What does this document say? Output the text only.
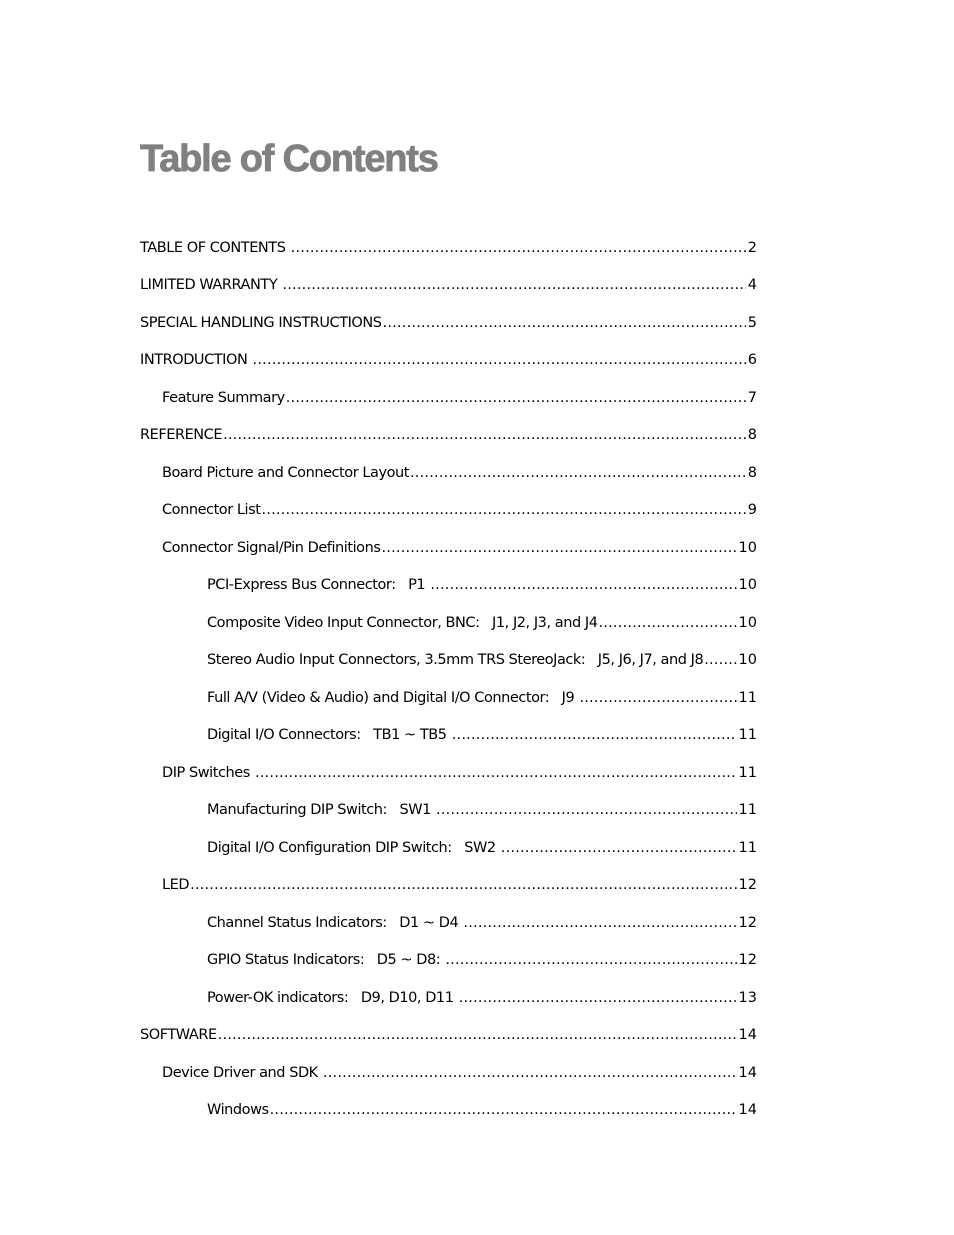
Table of Contents
TABLE OF CONTENTS .....	2
LIMITED WARRANTY .....	4
SPECIAL HANDLING INSTRUCTIONS .....	5
INTRODUCTION .....	6
Feature Summary .....	7
REFERENCE .....	8
Board Picture and Connector Layout .....	8
Connector List .....	9
Connector Signal/Pin Definitions .....	10
PCI-Express Bus Connector:   P1 .....	10
Composite Video Input Connector, BNC:   J1, J2, J3, and J4 .....	10
Stereo Audio Input Connectors, 3.5mm TRS StereoJack:   J5, J6, J7, and J8 ..... 10
Full A/V (Video & Audio) and Digital I/O Connector:   J9 .....	11
Digital I/O Connectors:   TB1 ~ TB5 .....	11
DIP Switches .....	11
Manufacturing DIP Switch:   SW1 .....	11
Digital I/O Configuration DIP Switch:   SW2 .....	11
LED .....	12
Channel Status Indicators:   D1 ~ D4 .....	12
GPIO Status Indicators:   D5 ~ D8: .....	12
Power-OK indicators:   D9, D10, D11 .....	13
SOFTWARE .....	14
Device Driver and SDK .....	14
Windows .....	14
